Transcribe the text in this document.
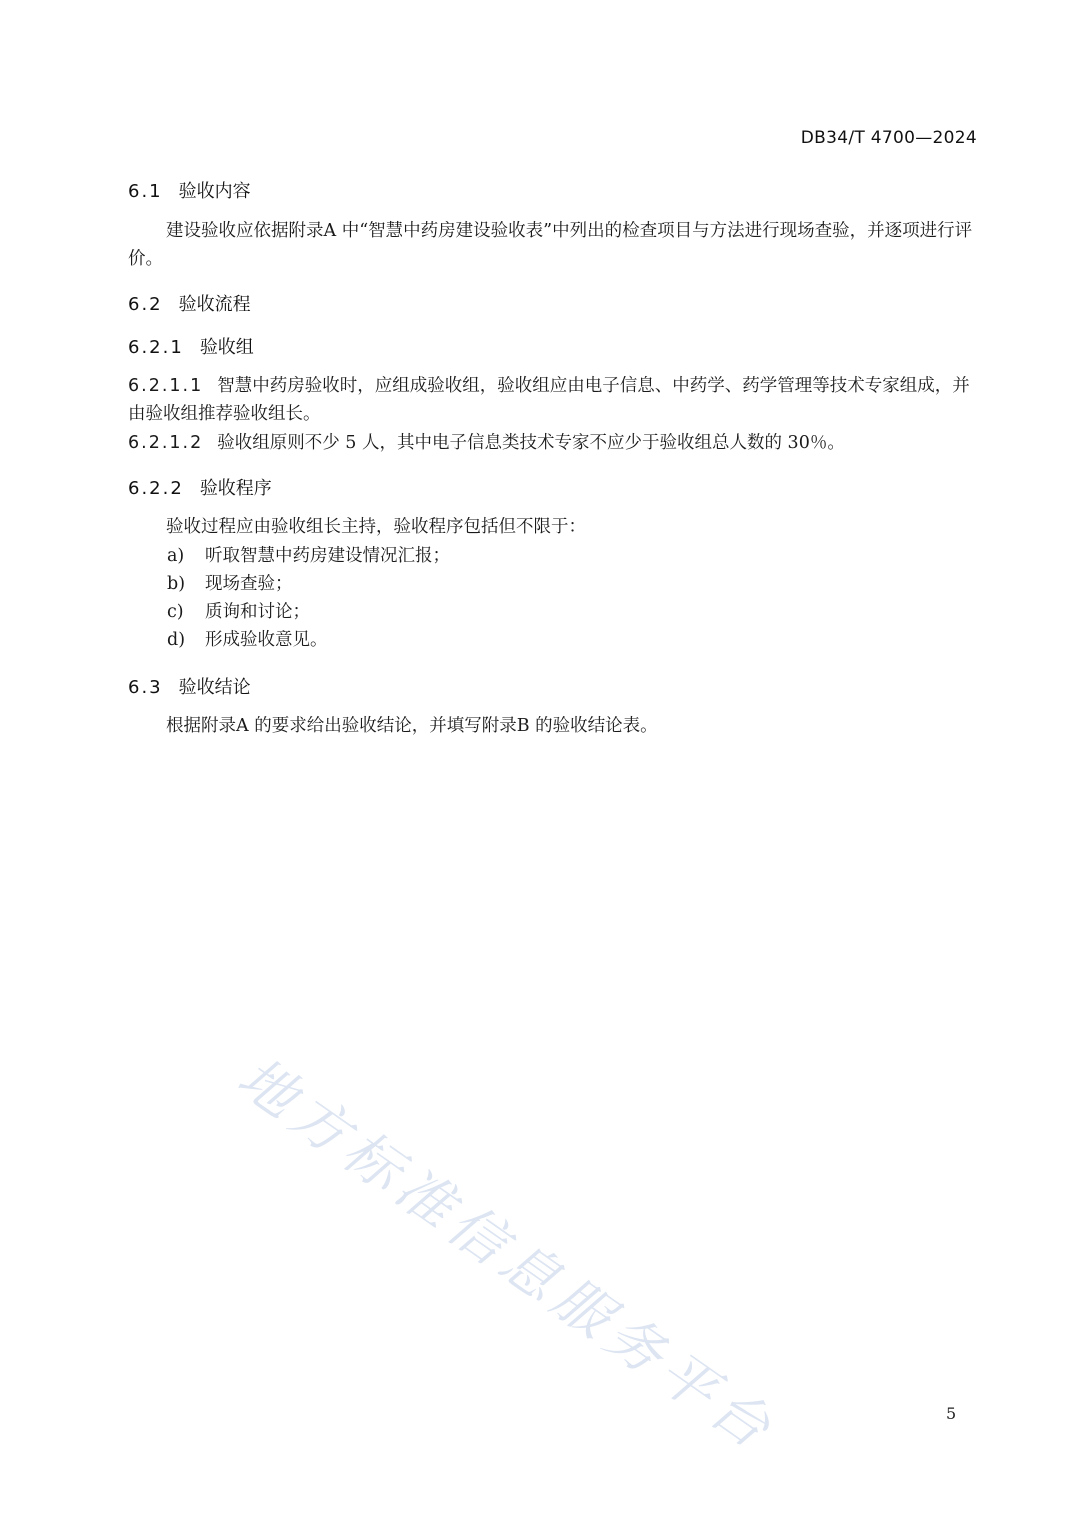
DB34/T 4700—2024
6.1 验收内容
建设验收应依据附录A 中“智慧中药房建设验收表”中列出的检查项目与方法进行现场查验，并逐项进行评价。
6.2 验收流程
6.2.1 验收组
6.2.1.1 智慧中药房验收时，应组成验收组，验收组应由电子信息、中药学、药学管理等技术专家组成，并由验收组推荐验收组长。
6.2.1.2 验收组原则不少 5 人，其中电子信息类技术专家不应少于验收组总人数的 30％。
6.2.2 验收程序
验收过程应由验收组长主持，验收程序包括但不限于：
a) 听取智慧中药房建设情况汇报；
b) 现场查验；
c) 质询和讨论；
d) 形成验收意见。
6.3 验收结论
根据附录A 的要求给出验收结论，并填写附录B 的验收结论表。
地方标准信息服务平台	5
